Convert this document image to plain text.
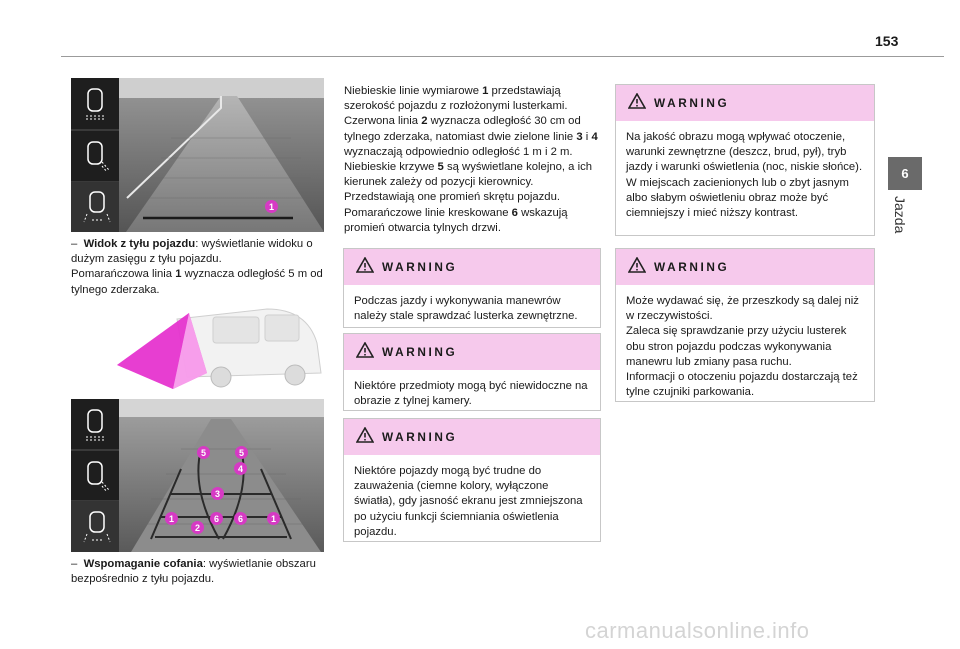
153
6
Jazda
1

– Widok z tyłu pojazdu: wyświetlanie widoku o dużym zasięgu z tyłu pojazdu.

Pomarańczowa linia 1 wyznacza odległość 5 m od tylnego zderzaka.

5	5
4
3
1
2
6 6	1

– Wspomaganie cofania: wyświetlanie obszaru bezpośrednio z tyłu pojazdu.

Niebieskie linie wymiarowe 1 przedstawiają szerokość pojazdu z rozłożonymi lusterkami. Czerwona linia 2 wyznacza odległość 30 cm od tylnego zderzaka, natomiast dwie zielone linie 3 i 4 wyznaczają odpowiednio odległość 1 m i 2 m. Niebieskie krzywe 5 są wyświetlane kolejno, a ich kierunek zależy od pozycji kierownicy. Przedstawiają one promień skrętu pojazdu. Pomarańczowe linie kreskowane 6 wskazują promień otwarcia tylnych drzwi.

WARNING

Podczas jazdy i wykonywania manewrów należy stale sprawdzać lusterka zewnętrzne.

WARNING

Niektóre przedmioty mogą być niewidoczne na obrazie z tylnej kamery.

WARNING

Niektóre pojazdy mogą być trudne do zauważenia (ciemne kolory, wyłączone światła), gdy jasność ekranu jest zmniejszona po użyciu funkcji ściemniania oświetlenia pojazdu.

WARNING

Na jakość obrazu mogą wpływać otoczenie, warunki zewnętrzne (deszcz, brud, pył), tryb jazdy i warunki oświetlenia (noc, niskie słońce).

W miejscach zacienionych lub o zbyt jasnym albo słabym oświetleniu obraz może być ciemniejszy i mieć niższy kontrast.

WARNING

Może wydawać się, że przeszkody są dalej niż w rzeczywistości.

Zaleca się sprawdzanie przy użyciu lusterek obu stron pojazdu podczas wykonywania manewru lub zmiany pasa ruchu.

Informacji o otoczeniu pojazdu dostarczają też tylne czujniki parkowania.

carmanualsonline.info
